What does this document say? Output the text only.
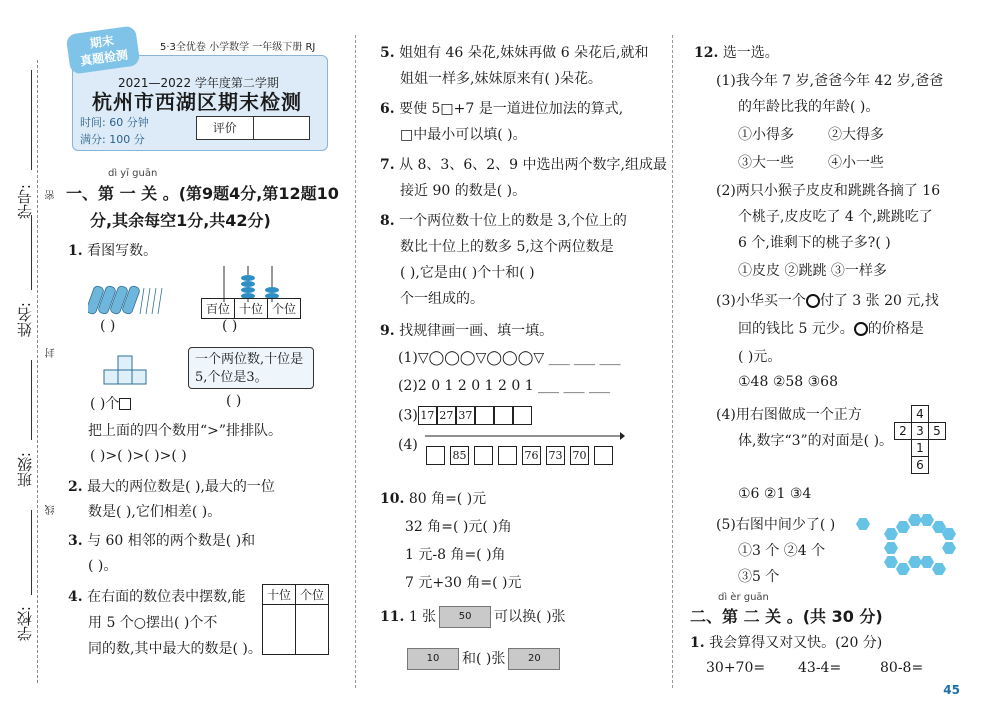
学号:
姓名:
班级:
学校:
密
封
线
期末
真题检测
5·3全优卷 小学数学 一年级下册 RJ
2021—2022 学年度第二学期
杭州市西湖区期末检测
时间: 60 分钟
满分: 100 分
评价
dì yī guān
一、第 一 关 。(第9题4分,第12题10
分,其余每空1分,共42分)
1. 看图写数。
百位	十位	个位
( )	( )
一个两位数,十位是5,个位是3。
( )个	( )
把上面的四个数用“>”排排队。
( )>( )>( )>( )
2. 最大的两位数是( ),最大的一位
数是( ),它们相差( )。
3. 与 60 相邻的两个数是( )和
( )。
4. 在右面的数位表中摆数,能
用 5 个○摆出( )个不
同的数,其中最大的数是( )。
十位	个位

5. 姐姐有 46 朵花,妹妹再做 6 朵花后,就和
姐姐一样多,妹妹原来有( )朵花。
6. 要使 5□+7 是一道进位加法的算式,
□中最小可以填( )。
7. 从 8、3、6、2、9 中选出两个数字,组成最
接近 90 的数是( )。
8. 一个两位数十位上的数是 3,个位上的
数比十位上的数多 5,这个两位数是
( ),它是由( )个十和( )
个一组成的。
9. 找规律画一画、填一填。
(1)▽◯◯◯▽◯◯◯▽ ___ ___ ___
(2)2 0 1 2 0 1 2 0 1 ___ ___ ___
(3) 17 27 37
(4)
85	76 73 70
10. 80 角=( )元
32 角=( )元( )角
1 元-8 角=( )角
7 元+30 角=( )元
11. 1 张 50 可以换( )张
10 和( )张 20
12. 选一选。
(1)我今年 7 岁,爸爸今年 42 岁,爸爸
的年龄比我的年龄( )。
①小得多 ②大得多
③大一些 ④小一些
(2)两只小猴子皮皮和跳跳各摘了 16
个桃子,皮皮吃了 4 个,跳跳吃了
6 个,谁剩下的桃子多?( )
①皮皮 ②跳跳 ③一样多
(3)小华买一个 付了 3 张 20 元,找
回的钱比 5 元少。 的价格是
( )元。
①48 ②58 ③68
(4)用右图做成一个正方
体,数字“3”的对面是( )。
	4	
2	3	5
	1	
	6	
①6 ②1 ③4
(5)右图中间少了( )
①3 个 ②4 个
③5 个
dì èr guān
二、第 二 关 。(共 30 分)
1. 我会算得又对又快。(20 分)
30+70= 43-4=	80-8=
45
